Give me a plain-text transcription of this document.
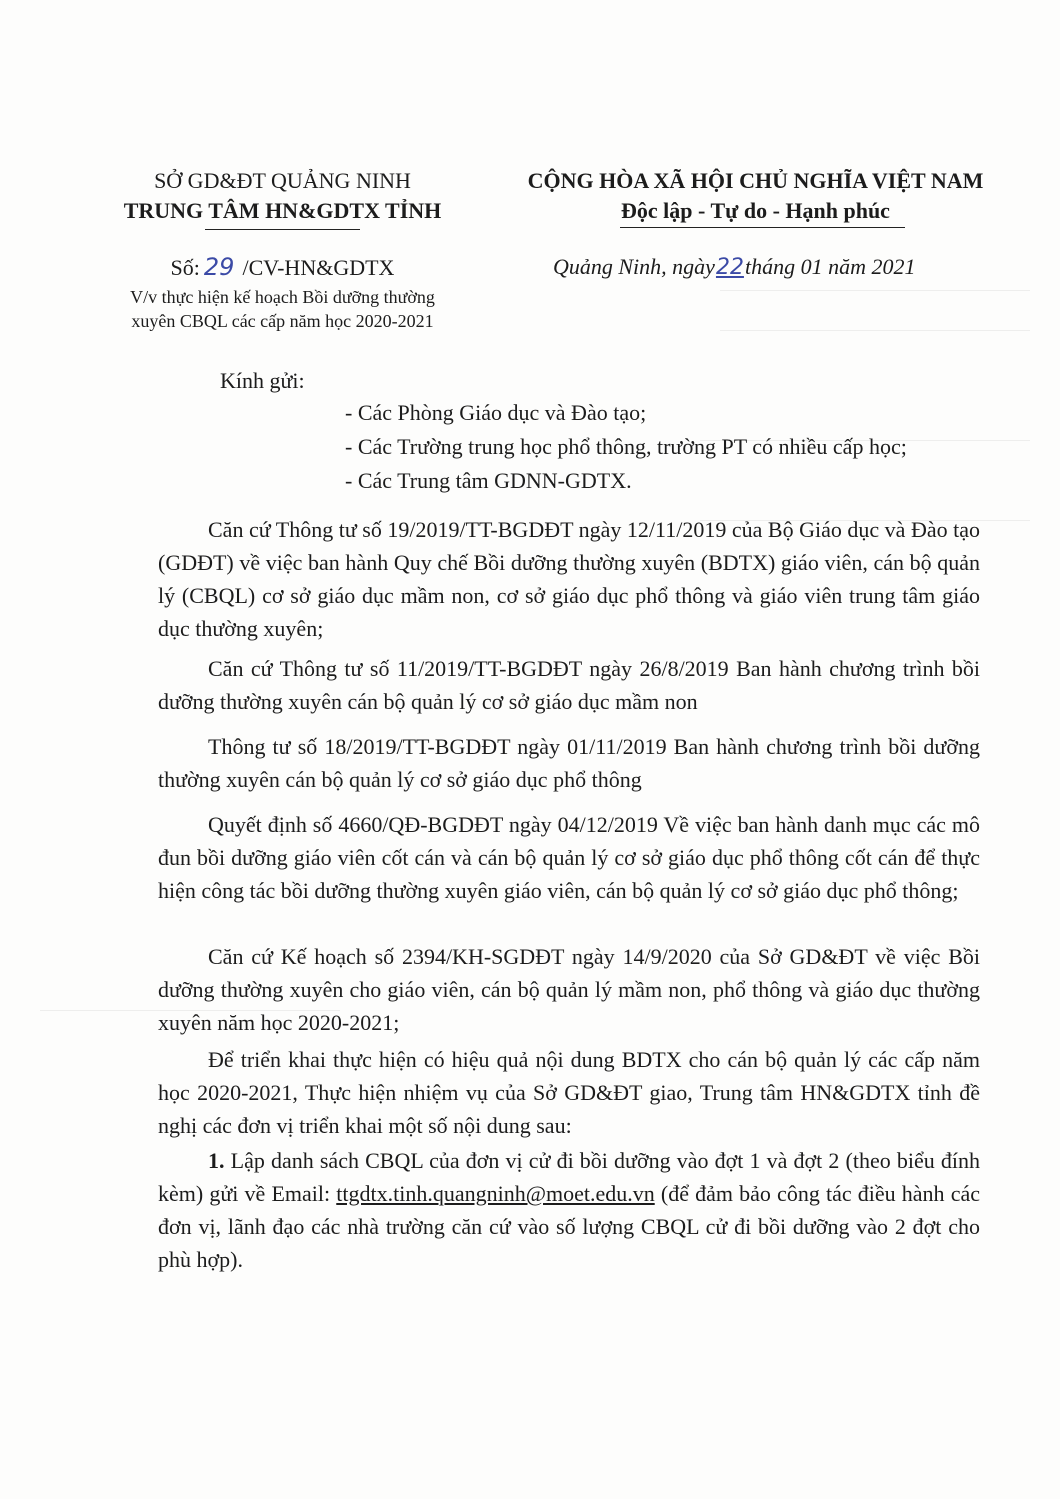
SỞ GD&ĐT QUẢNG NINH
TRUNG TÂM HN&GDTX TỈNH
CỘNG HÒA XÃ HỘI CHỦ NGHĨA VIỆT NAM
Độc lập - Tự do - Hạnh phúc
Số: 29 /CV-HN&GDTX
V/v thực hiện kế hoạch Bồi dưỡng thường
xuyên CBQL các cấp năm học 2020-2021
Quảng Ninh, ngày22tháng 01 năm 2021
Kính gửi:
- Các Phòng Giáo dục và Đào tạo;
- Các Trường trung học phổ thông, trường PT có nhiều cấp học;
- Các Trung tâm GDNN-GDTX.
Căn cứ Thông tư số 19/2019/TT-BGDĐT ngày 12/11/2019 của Bộ Giáo dục và Đào tạo (GDĐT) về việc ban hành Quy chế Bồi dưỡng thường xuyên (BDTX) giáo viên, cán bộ quản lý (CBQL) cơ sở giáo dục mầm non, cơ sở giáo dục phổ thông và giáo viên trung tâm giáo dục thường xuyên;
Căn cứ Thông tư số 11/2019/TT-BGDĐT ngày 26/8/2019 Ban hành chương trình bồi dưỡng thường xuyên cán bộ quản lý cơ sở giáo dục mầm non
Thông tư số 18/2019/TT-BGDĐT ngày 01/11/2019 Ban hành chương trình bồi dưỡng thường xuyên cán bộ quản lý cơ sở giáo dục phổ thông
Quyết định số 4660/QĐ-BGDĐT ngày 04/12/2019 Về việc ban hành danh mục các mô đun bồi dưỡng giáo viên cốt cán và cán bộ quản lý cơ sở giáo dục phổ thông cốt cán để thực hiện công tác bồi dưỡng thường xuyên giáo viên, cán bộ quản lý cơ sở giáo dục phổ thông;
Căn cứ Kế hoạch số 2394/KH-SGDĐT ngày 14/9/2020 của Sở GD&ĐT về việc Bồi dưỡng thường xuyên cho giáo viên, cán bộ quản lý mầm non, phổ thông và giáo dục thường xuyên năm học 2020-2021;
Để triển khai thực hiện có hiệu quả nội dung BDTX cho cán bộ quản lý các cấp năm học 2020-2021, Thực hiện nhiệm vụ của Sở GD&ĐT giao, Trung tâm HN&GDTX tỉnh đề nghị các đơn vị triển khai một số nội dung sau:
1. Lập danh sách CBQL của đơn vị cử đi bồi dưỡng vào đợt 1 và đợt 2 (theo biểu đính kèm) gửi về Email: ttgdtx.tinh.quangninh@moet.edu.vn (để đảm bảo công tác điều hành các đơn vị, lãnh đạo các nhà trường căn cứ vào số lượng CBQL cử đi bồi dưỡng vào 2 đợt cho phù hợp).
